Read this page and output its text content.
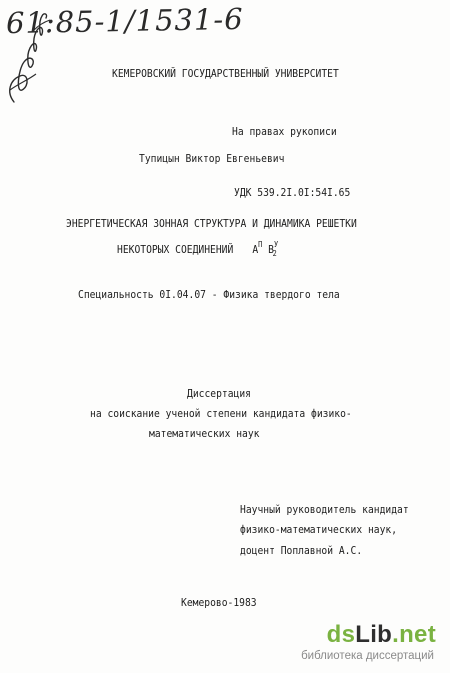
61:85-1/1531-6
КЕМЕРОВСКИЙ ГОСУДАРСТВЕННЫЙ УНИВЕРСИТЕТ
На правах рукописи
Тупицын Виктор Евгеньевич
УДК 539.2I.0I:54I.65
ЭНЕРГЕТИЧЕСКАЯ ЗОННАЯ СТРУКТУРА И ДИНАМИКА РЕШЕТКИ
НЕКОТОРЫХ СОЕДИНЕНИЙ $A^П$ $B^У_2$
Специальность 0I.04.07 - Физика твердого тела
Диссертация
на соискание ученой степени кандидата физико-
математических наук
Научный руководитель кандидат
физико-математических наук,
доцент Поплавной А.С.
Кемерово-1983
dsLib.net
библиотека диссертаций
